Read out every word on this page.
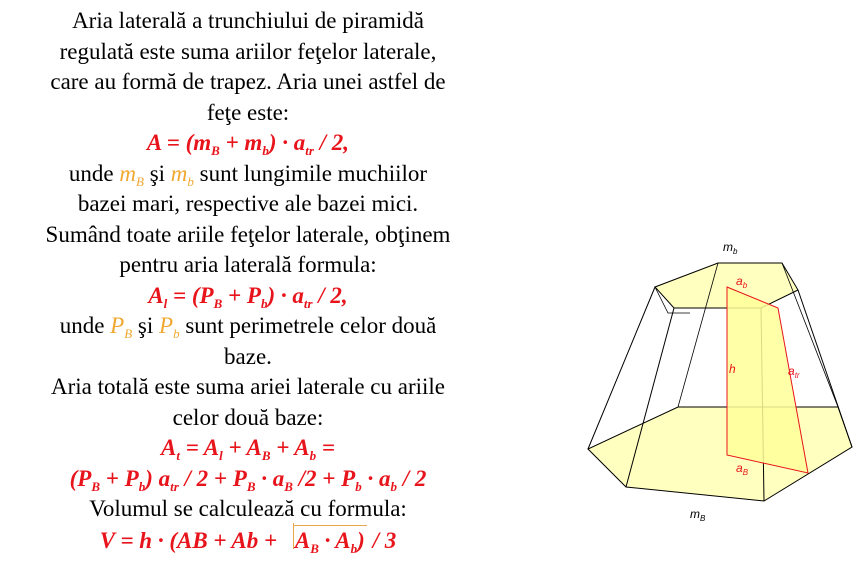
Aria laterală a trunchiului de piramidă
regulată este suma ariilor feţelor laterale,
care au formă de trapez. Aria unei astfel de
feţe este:
$A = (m_B + m_b) \cdot a_{tr} / 2$,
unde $m_B$ şi $m_b$ sunt lungimile muchiilor
bazei mari, respective ale bazei mici.
Sumând toate ariile feţelor laterale, obţinem
pentru aria laterală formula:
$A_l = (P_B + P_b) \cdot a_{tr} / 2$,
unde $P_B$ şi $P_b$ sunt perimetrele celor două
baze.
Aria totală este suma ariei laterale cu ariile
celor două baze:
$A_t = A_l + A_B + A_b$ =
$(P_B + P_b)$ $a_{tr} / 2 + P_B \cdot a_B$ $/2 + P_b \cdot a_b / 2$
Volumul se calculează cu formula:
$V = h \cdot (AB + Ab + A_B \cdot A_b) / 3$
$m_b$
$a_b$
h	$a_{tr}$
$a_B$
$m_B$
